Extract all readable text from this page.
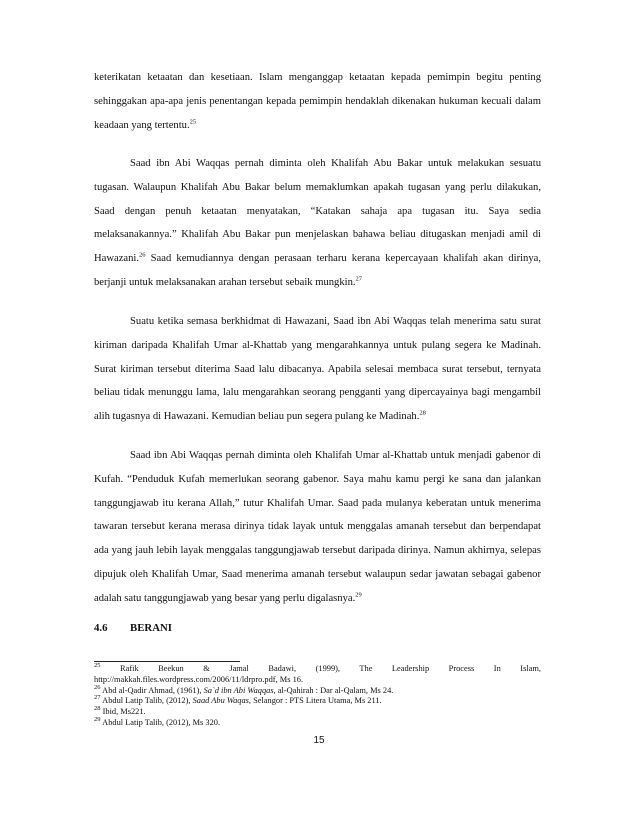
keterikatan ketaatan dan kesetiaan. Islam menganggap ketaatan kepada pemimpin begitu penting sehinggakan apa-apa jenis penentangan kepada pemimpin hendaklah dikenakan hukuman kecuali dalam keadaan yang tertentu.$^{25}$

Saad ibn Abi Waqqas pernah diminta oleh Khalifah Abu Bakar untuk melakukan sesuatu tugasan. Walaupun Khalifah Abu Bakar belum memaklumkan apakah tugasan yang perlu dilakukan, Saad dengan penuh ketaatan menyatakan, “Katakan sahaja apa tugasan itu. Saya sedia melaksanakannya.” Khalifah Abu Bakar pun menjelaskan bahawa beliau ditugaskan menjadi amil di Hawazani.$^{26}$ Saad kemudiannya dengan perasaan terharu kerana kepercayaan khalifah akan dirinya, berjanji untuk melaksanakan arahan tersebut sebaik mungkin.$^{27}$

Suatu ketika semasa berkhidmat di Hawazani, Saad ibn Abi Waqqas telah menerima satu surat kiriman daripada Khalifah Umar al-Khattab yang mengarahkannya untuk pulang segera ke Madinah. Surat kiriman tersebut diterima Saad lalu dibacanya. Apabila selesai membaca surat tersebut, ternyata beliau tidak menunggu lama, lalu mengarahkan seorang pengganti yang dipercayainya bagi mengambil alih tugasnya di Hawazani. Kemudian beliau pun segera pulang ke Madinah.$^{28}$

Saad ibn Abi Waqqas pernah diminta oleh Khalifah Umar al-Khattab untuk menjadi gabenor di Kufah. “Penduduk Kufah memerlukan seorang gabenor. Saya mahu kamu pergi ke sana dan jalankan tanggungjawab itu kerana Allah,” tutur Khalifah Umar. Saad pada mulanya keberatan untuk menerima tawaran tersebut kerana merasa dirinya tidak layak untuk menggalas amanah tersebut dan berpendapat ada yang jauh lebih layak menggalas tanggungjawab tersebut daripada dirinya. Namun akhirnya, selepas dipujuk oleh Khalifah Umar, Saad menerima amanah tersebut walaupun sedar jawatan sebagai gabenor adalah satu tanggungjawab yang besar yang perlu digalasnya.$^{29}$

4.6 BERANI

$^{25}$ Rafik Beekun & Jamal Badawi, (1999), The Leadership Process In Islam,

http://makkah.files.wordpress.com/2006/11/ldrpro.pdf, Ms 16.

$^{26}$ Abd al-Qadir Ahmad, (1961), Sa`d ibn Abi Waqqas, al-Qahirah : Dar al-Qalam, Ms 24.

$^{27}$ Abdul Latip Talib, (2012), Saad Abu Waqas, Selangor : PTS Litera Utama, Ms 211.

$^{28}$ Ibid, Ms221.

$^{29}$ Abdul Latip Talib, (2012), Ms 320.

15
